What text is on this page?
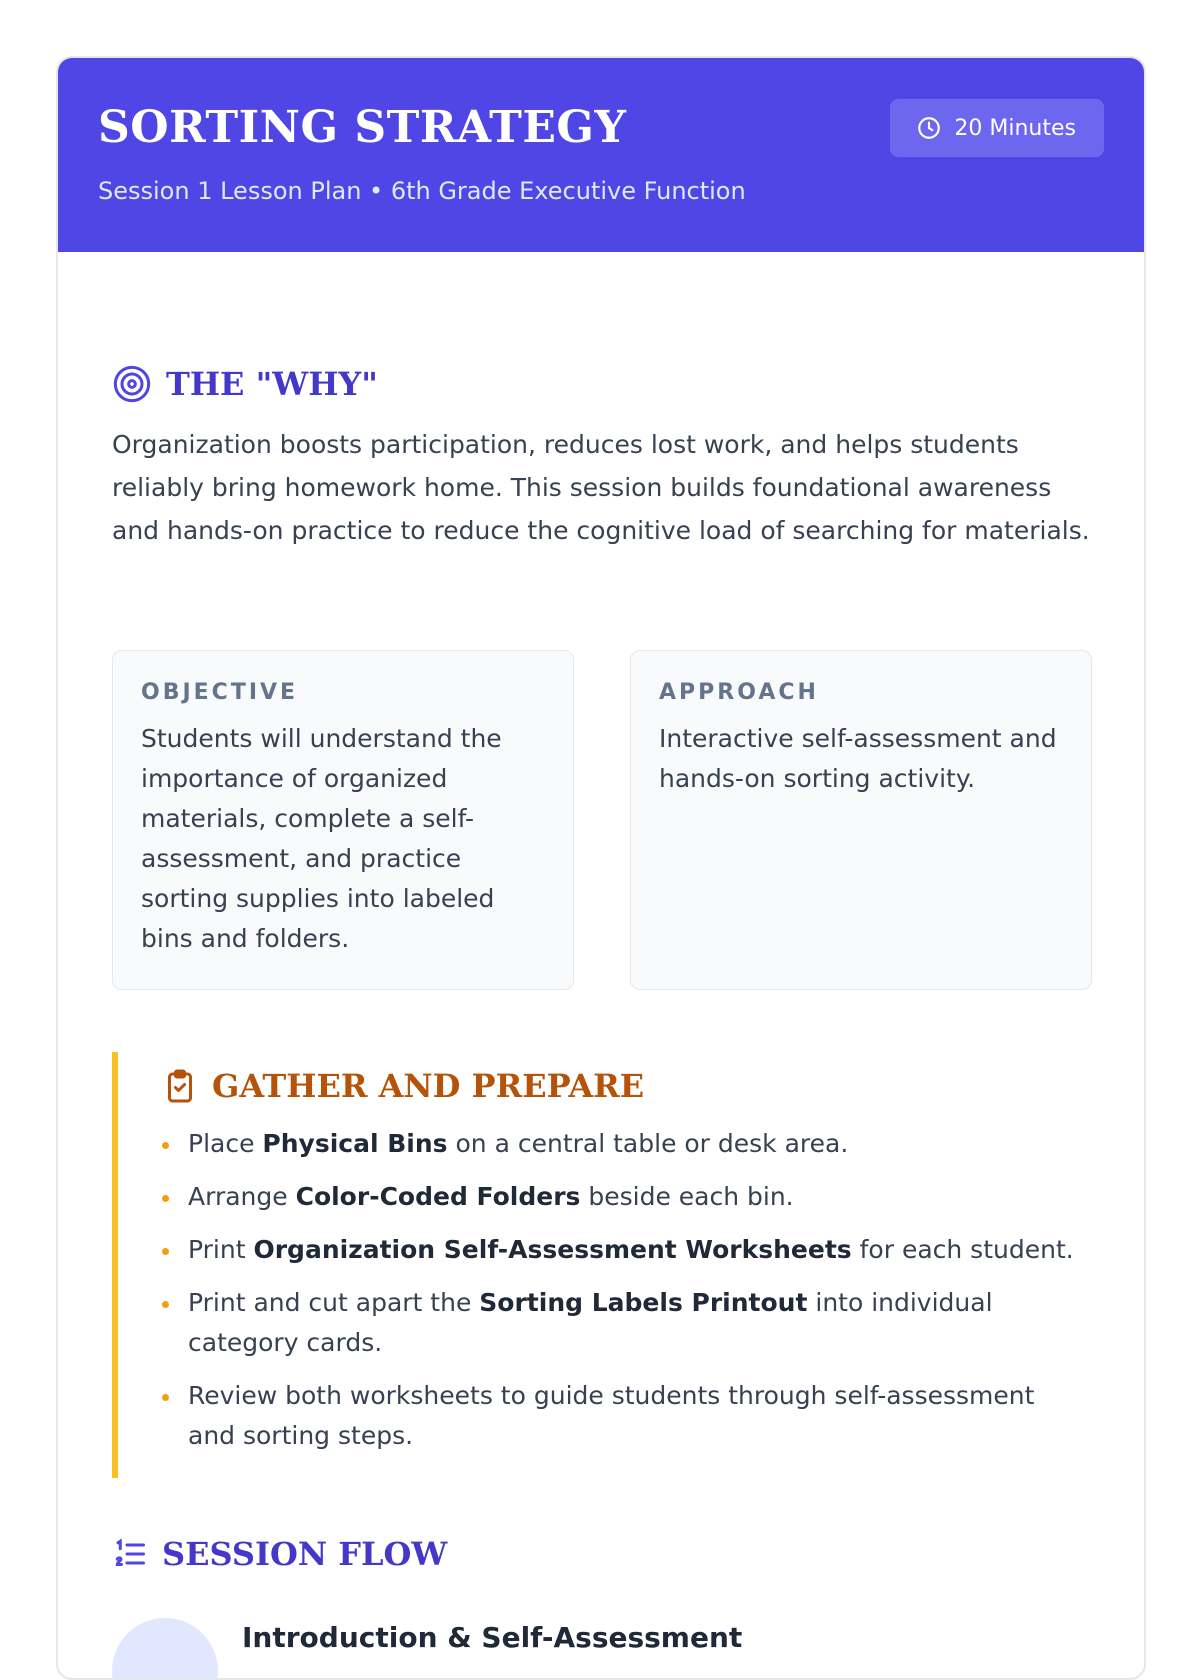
SORTING STRATEGY
Session 1 Lesson Plan • 6th Grade Executive Function
20 Minutes
THE "WHY"

Organization boosts participation, reduces lost work, and helps students reliably bring homework home. This session builds foundational awareness and hands-on practice to reduce the cognitive load of searching for materials.

OBJECTIVE

Students will understand the importance of organized materials, complete a self-assessment, and practice sorting supplies into labeled bins and folders.

APPROACH

Interactive self-assessment and hands-on sorting activity.

GATHER AND PREPARE
Place Physical Bins on a central table or desk area.
Arrange Color-Coded Folders beside each bin.
Print Organization Self-Assessment Worksheets for each student.
Print and cut apart the Sorting Labels Printout into individual category cards.
Review both worksheets to guide students through self-assessment and sorting steps.
SESSION FLOW
Introduction & Self-Assessment
